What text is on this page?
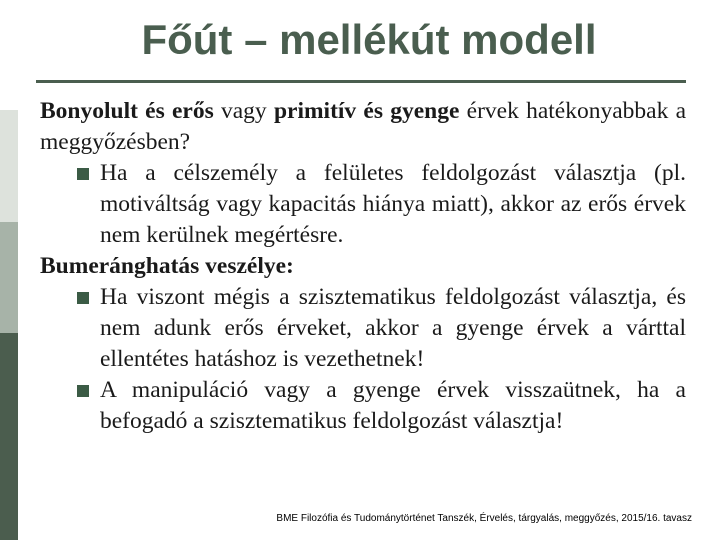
Főút – mellékút modell

Bonyolult és erős vagy primitív és gyenge érvek hatékonyabbak a meggyőzésben?

Ha a célszemély a felületes feldolgozást választja (pl. motiváltság vagy kapacitás hiánya miatt), akkor az erős érvek nem kerülnek megértésre.

Bumeránghatás veszélye:

Ha viszont mégis a szisztematikus feldolgozást választja, és nem adunk erős érveket, akkor a gyenge érvek a várttal ellentétes hatáshoz is vezethetnek!

A manipuláció vagy a gyenge érvek visszaütnek, ha a befogadó a szisztematikus feldolgozást választja!

BME Filozófia és Tudománytörténet Tanszék, Érvelés, tárgyalás, meggyőzés, 2015/16. tavasz
